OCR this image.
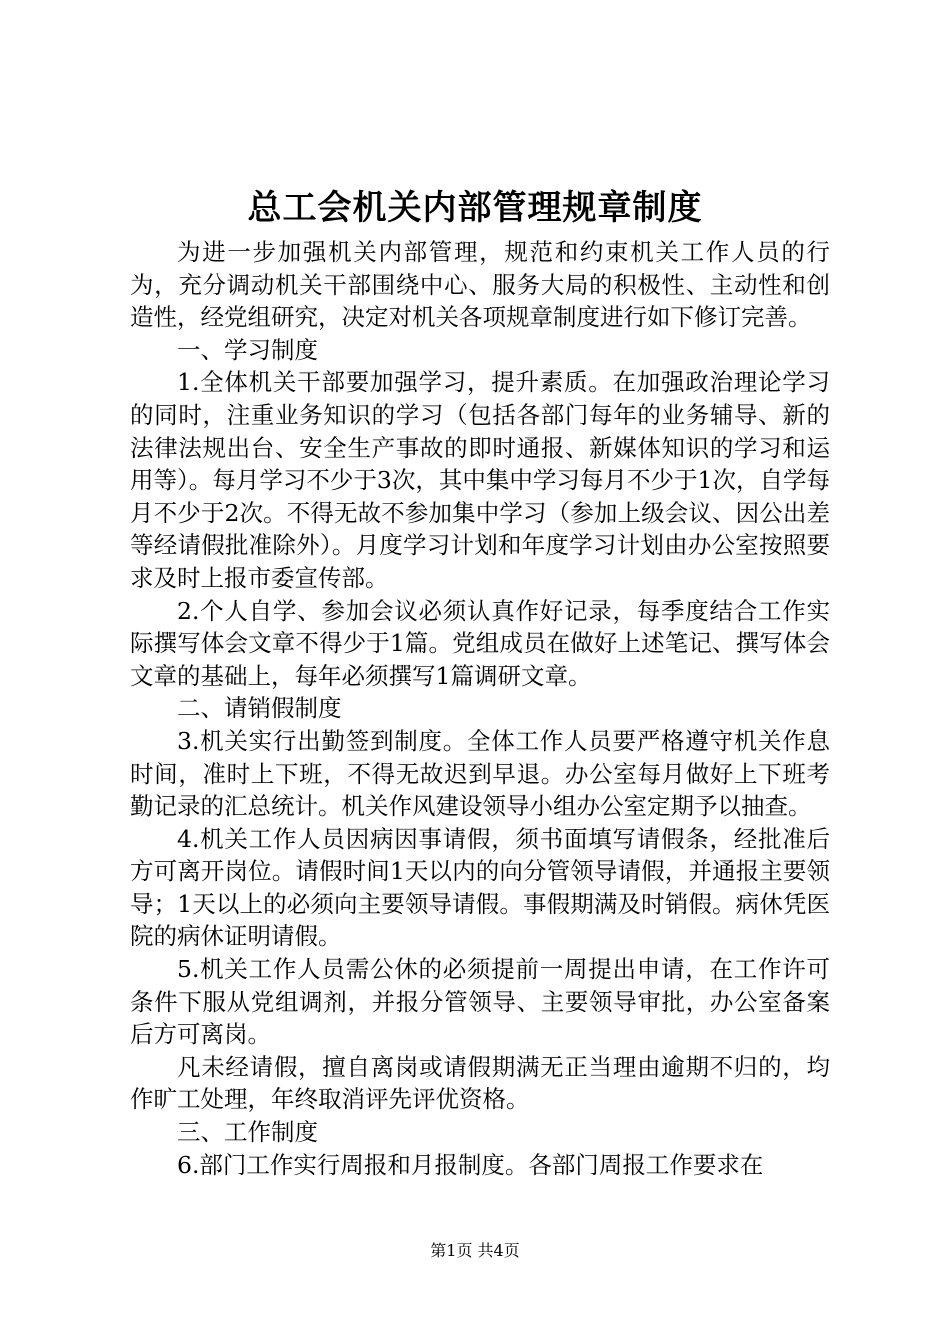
总工会机关内部管理规章制度

为进一步加强机关内部管理，规范和约束机关工作人员的行为，充分调动机关干部围绕中心、服务大局的积极性、主动性和创造性，经党组研究，决定对机关各项规章制度进行如下修订完善。

一、学习制度

1.全体机关干部要加强学习，提升素质。在加强政治理论学习的同时，注重业务知识的学习（包括各部门每年的业务辅导、新的法律法规出台、安全生产事故的即时通报、新媒体知识的学习和运用等）。每月学习不少于3次，其中集中学习每月不少于1次，自学每月不少于2次。不得无故不参加集中学习（参加上级会议、因公出差等经请假批准除外）。月度学习计划和年度学习计划由办公室按照要求及时上报市委宣传部。

2.个人自学、参加会议必须认真作好记录，每季度结合工作实际撰写体会文章不得少于1篇。党组成员在做好上述笔记、撰写体会文章的基础上，每年必须撰写1篇调研文章。

二、请销假制度

3.机关实行出勤签到制度。全体工作人员要严格遵守机关作息时间，准时上下班，不得无故迟到早退。办公室每月做好上下班考勤记录的汇总统计。机关作风建设领导小组办公室定期予以抽查。

4.机关工作人员因病因事请假，须书面填写请假条，经批准后方可离开岗位。请假时间1天以内的向分管领导请假，并通报主要领导；1天以上的必须向主要领导请假。事假期满及时销假。病休凭医院的病休证明请假。

5.机关工作人员需公休的必须提前一周提出申请，在工作许可条件下服从党组调剂，并报分管领导、主要领导审批，办公室备案后方可离岗。

凡未经请假，擅自离岗或请假期满无正当理由逾期不归的，均作旷工处理，年终取消评先评优资格。

三、工作制度

6.部门工作实行周报和月报制度。各部门周报工作要求在

第1页 共4页
